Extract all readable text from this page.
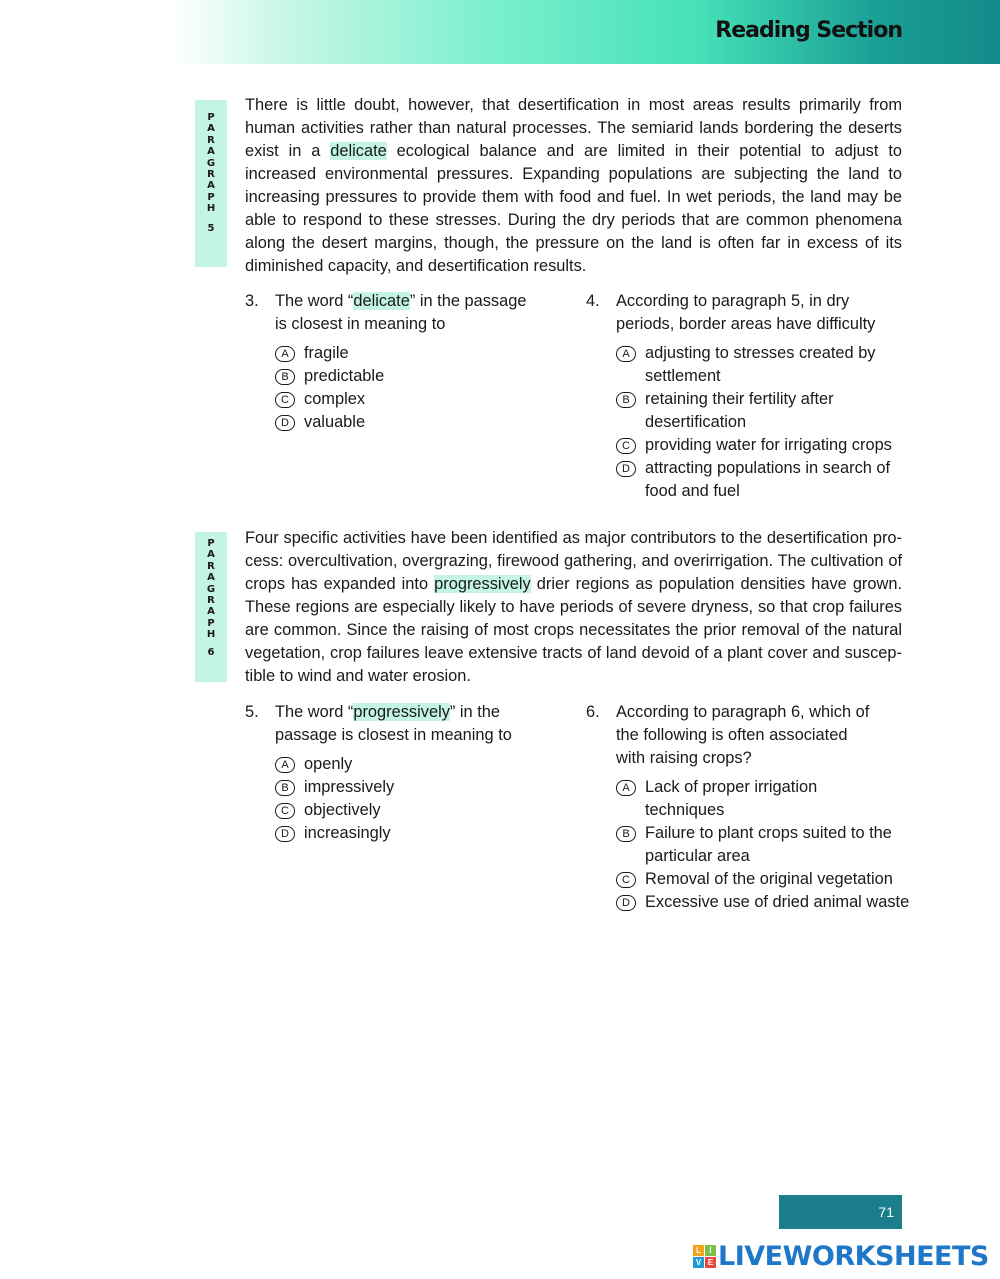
Reading Section
P
A
R
A
G
R
A
P
H
5

There is little doubt, however, that desertification in most areas results primarily from human activities rather than natural processes. The semiarid lands bordering the deserts exist in a delicate ecological balance and are limited in their potential to adjust to increased environmental pressures. Expanding populations are subjecting the land to increasing pressures to provide them with food and fuel. In wet periods, the land may be able to respond to these stresses. During the dry periods that are common phenomena along the desert margins, though, the pressure on the land is often far in excess of its diminished capacity, and desertification results.

3. The word “delicate” in the passage is closest in meaning to
A fragile
B predictable
C complex
D valuable
4. According to paragraph 5, in dry periods, border areas have difficulty
A adjusting to stresses created by settlement
B retaining their fertility after desertification
C providing water for irrigating crops
D attracting populations in search of food and fuel
P
A
R
A
G
R
A
P
H
6

Four specific activities have been identified as major contributors to the desertification process: overcultivation, overgrazing, firewood gathering, and overirrigation. The cultivation of crops has expanded into progressively drier regions as population densities have grown. These regions are especially likely to have periods of severe dryness, so that crop failures are common. Since the raising of most crops necessitates the prior removal of the natural vegetation, crop failures leave extensive tracts of land devoid of a plant cover and susceptible to wind and water erosion.

5. The word “progressively” in the passage is closest in meaning to
A openly
B impressively
C objectively
D increasingly
6. According to paragraph 6, which of the following is often associated with raising crops?
A Lack of proper irrigation techniques
B Failure to plant crops suited to the particular area
C Removal of the original vegetation
D Excessive use of dried animal waste
71
L	I
V E LIVEWORKSHEETS
